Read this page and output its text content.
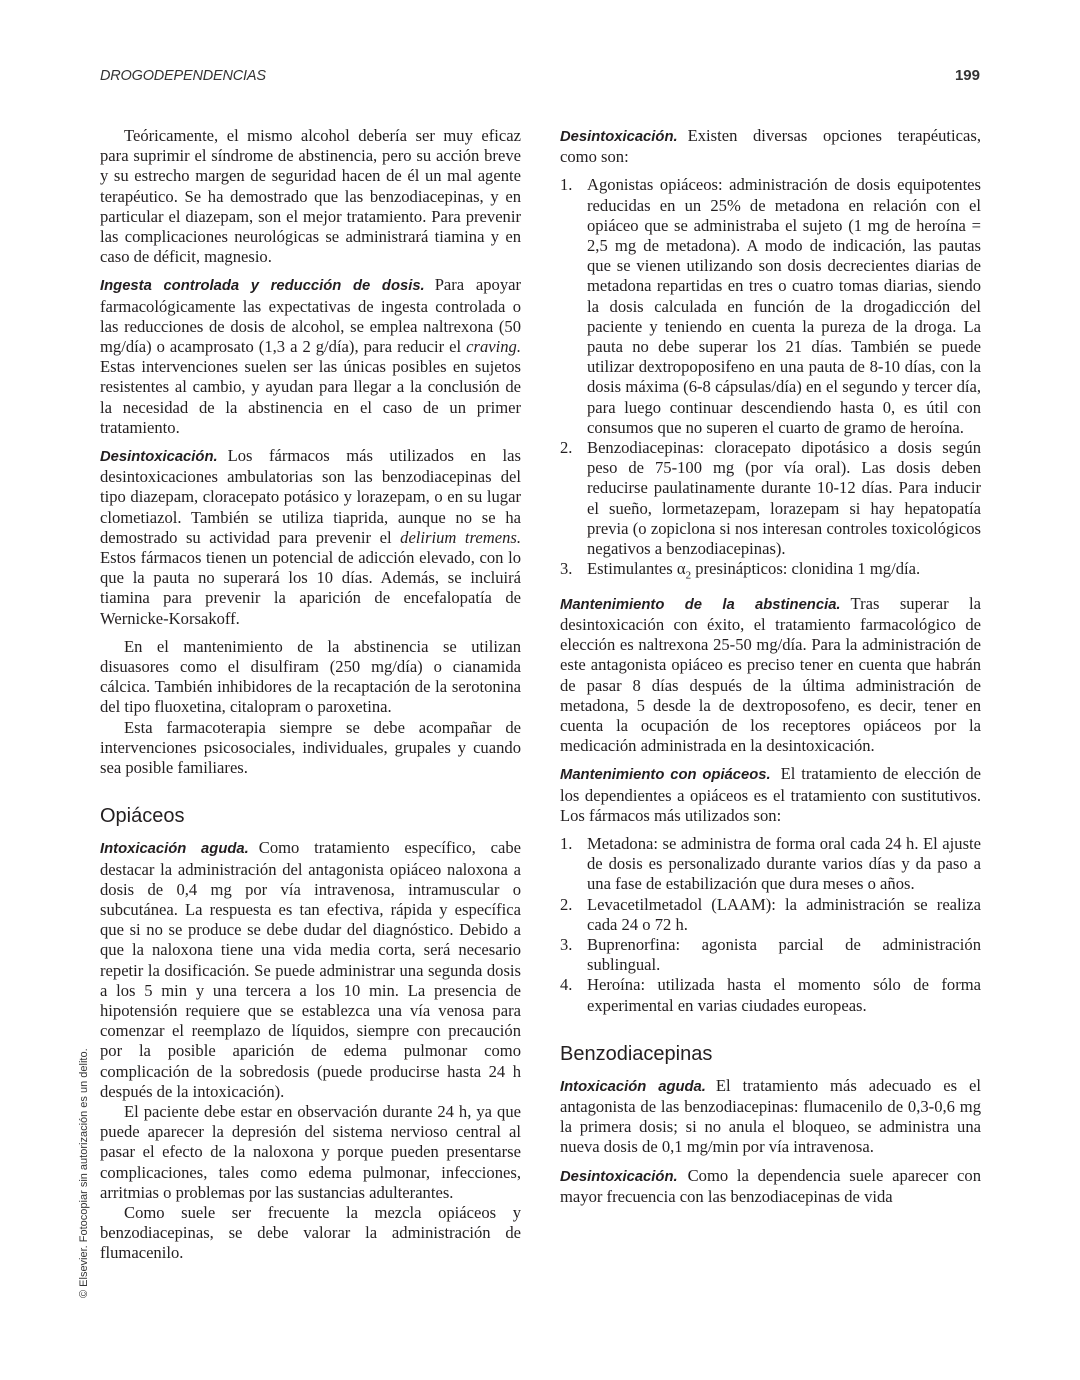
DROGODEPENDENCIAS	199
© Elsevier. Fotocopiar sin autorización es un delito.

Teóricamente, el mismo alcohol debería ser muy eficaz para suprimir el síndrome de abstinencia, pero su acción breve y su estrecho margen de seguridad hacen de él un mal agente terapéutico. Se ha demostrado que las benzodiacepinas, y en particular el diazepam, son el mejor tratamiento. Para prevenir las complicaciones neurológicas se administrará tiamina y en caso de déficit, magnesio.

Ingesta controlada y reducción de dosis. Para apoyar farmacológicamente las expectativas de ingesta controlada o las reducciones de dosis de alcohol, se emplea naltrexona (50 mg/día) o acamprosato (1,3 a 2 g/día), para reducir el craving. Estas intervenciones suelen ser las únicas posibles en sujetos resistentes al cambio, y ayudan para llegar a la conclusión de la necesidad de la abstinencia en el caso de un primer tratamiento.

Desintoxicación. Los fármacos más utilizados en las desintoxicaciones ambulatorias son las benzodiacepinas del tipo diazepam, cloracepato potásico y lorazepam, o en su lugar clometiazol. También se utiliza tiaprida, aunque no se ha demostrado su actividad para prevenir el delirium tremens. Estos fármacos tienen un potencial de adicción elevado, con lo que la pauta no superará los 10 días. Además, se incluirá tiamina para prevenir la aparición de encefalopatía de Wernicke-Korsakoff.

En el mantenimiento de la abstinencia se utilizan disuasores como el disulfiram (250 mg/día) o cianamida cálcica. También inhibidores de la recaptación de la serotonina del tipo fluoxetina, citalopram o paroxetina.

Esta farmacoterapia siempre se debe acompañar de intervenciones psicosociales, individuales, grupales y cuando sea posible familiares.

Opiáceos

Intoxicación aguda. Como tratamiento específico, cabe destacar la administración del antagonista opiáceo naloxona a dosis de 0,4 mg por vía intravenosa, intramuscular o subcutánea. La respuesta es tan efectiva, rápida y específica que si no se produce se debe dudar del diagnóstico. Debido a que la naloxona tiene una vida media corta, será necesario repetir la dosificación. Se puede administrar una segunda dosis a los 5 min y una tercera a los 10 min. La presencia de hipotensión requiere que se establezca una vía venosa para comenzar el reemplazo de líquidos, siempre con precaución por la posible aparición de edema pulmonar como complicación de la sobredosis (puede producirse hasta 24 h después de la intoxicación).

El paciente debe estar en observación durante 24 h, ya que puede aparecer la depresión del sistema nervioso central al pasar el efecto de la naloxona y porque pueden presentarse complicaciones, tales como edema pulmonar, infecciones, arritmias o problemas por las sustancias adulterantes.

Como suele ser frecuente la mezcla opiáceos y benzodiacepinas, se debe valorar la administración de flumacenilo.

Desintoxicación. Existen diversas opciones terapéuticas, como son:

1. Agonistas opiáceos: administración de dosis equipotentes reducidas en un 25% de metadona en relación con el opiáceo que se administraba el sujeto (1 mg de heroína = 2,5 mg de metadona). A modo de indicación, las pautas que se vienen utilizando son dosis decrecientes diarias de metadona repartidas en tres o cuatro tomas diarias, siendo la dosis calculada en función de la drogadicción del paciente y teniendo en cuenta la pureza de la droga. La pauta no debe superar los 21 días. También se puede utilizar dextropoposifeno en una pauta de 8-10 días, con la dosis máxima (6-8 cápsulas/día) en el segundo y tercer día, para luego continuar descendiendo hasta 0, es útil con consumos que no superen el cuarto de gramo de heroína.
2. Benzodiacepinas: cloracepato dipotásico a dosis según peso de 75-100 mg (por vía oral). Las dosis deben reducirse paulatinamente durante 10-12 días. Para inducir el sueño, lormetazepam, lorazepam si hay hepatopatía previa (o zopiclona si nos interesan controles toxicológicos negativos a benzodiacepinas).
3. Estimulantes $\alpha_2$ presinápticos: clonidina 1 mg/día.

Mantenimiento de la abstinencia. Tras superar la desintoxicación con éxito, el tratamiento farmacológico de elección es naltrexona 25-50 mg/día. Para la administración de este antagonista opiáceo es preciso tener en cuenta que habrán de pasar 8 días después de la última administración de metadona, 5 desde la de dextroposofeno, es decir, tener en cuenta la ocupación de los receptores opiáceos por la medicación administrada en la desintoxicación.

Mantenimiento con opiáceos. El tratamiento de elección de los dependientes a opiáceos es el tratamiento con sustitutivos. Los fármacos más utilizados son:

1. Metadona: se administra de forma oral cada 24 h. El ajuste de dosis es personalizado durante varios días y da paso a una fase de estabilización que dura meses o años.
2. Levacetilmetadol (LAAM): la administración se realiza cada 24 o 72 h.
3. Buprenorfina: agonista parcial de administración sublingual.
4. Heroína: utilizada hasta el momento sólo de forma experimental en varias ciudades europeas.
Benzodiacepinas

Intoxicación aguda. El tratamiento más adecuado es el antagonista de las benzodiacepinas: flumacenilo de 0,3-0,6 mg la primera dosis; si no anula el bloqueo, se administra una nueva dosis de 0,1 mg/min por vía intravenosa.

Desintoxicación. Como la dependencia suele aparecer con mayor frecuencia con las benzodiacepinas de vida
